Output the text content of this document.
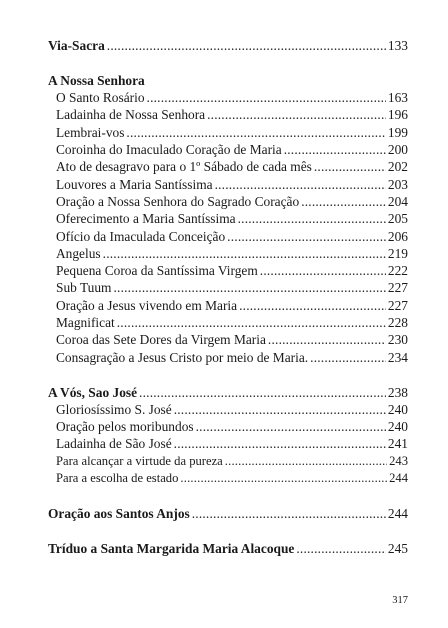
Via-Sacra .....	133
A Nossa Senhora
O Santo Rosário .....	163
Ladainha de Nossa Senhora .....	196
Lembrai-vos .....	199
Coroinha do Imaculado Coração de Maria .....	200
Ato de desagravo para o 1º Sábado de cada mês .....	202
Louvores a Maria Santíssima .....	203
Oração a Nossa Senhora do Sagrado Coração .....	204
Oferecimento a Maria Santíssima .....	205
Ofício da Imaculada Conceição .....	206
Angelus .....	219
Pequena Coroa da Santíssima Virgem .....	222
Sub Tuum .....	227
Oração a Jesus vivendo em Maria .....	227
Magnificat .....	228
Coroa das Sete Dores da Virgem Maria .....	230
Consagração a Jesus Cristo por meio de Maria. .....	234
A Vós, Sao José .....	238
Gloriosíssimo S. José .....	240
Oração pelos moribundos .....	240
Ladainha de São José .....	241
Para alcançar a virtude da pureza .....	243
Para a escolha de estado .....	244
Oração aos Santos Anjos .....	244
Tríduo a Santa Margarida Maria Alacoque .....	245
317
